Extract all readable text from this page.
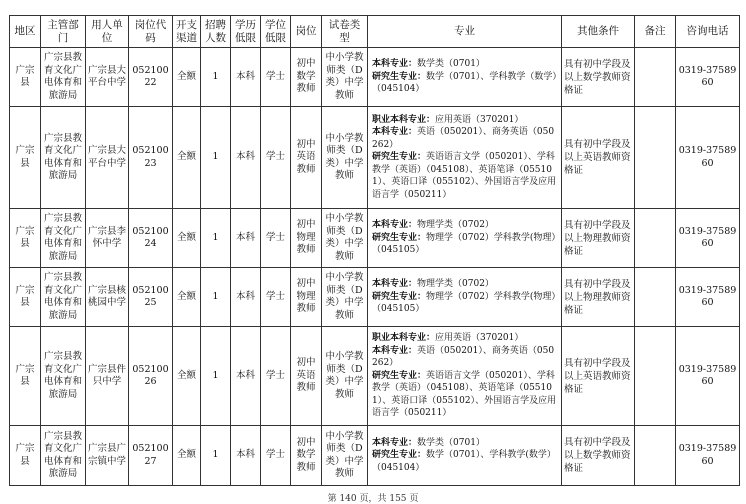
地区	主管部门	用人单位	岗位代码	开支渠道	招聘人数	学历低限	学位低限	岗位	试卷类型	专业	其他条件	备注	咨询电话
广宗县	广宗县教育文化广电体育和旅游局	广宗县大平台中学	05210022	全额	1	本科	学士	初中数学教师	中小学教师类（D类）中学教师	本科专业：数学类（0701）
研究生专业：数学（0701）、学科教学（数学）（045104）	具有初中学段及以上数学教师资格证		0319-3758960
广宗县	广宗县教育文化广电体育和旅游局	广宗县大平台中学	05210023	全额	1	本科	学士	初中英语教师	中小学教师类（D类）中学教师	职业本科专业：应用英语（370201）
本科专业：英语（050201）、商务英语（050262）
研究生专业：英语语言文学（050201）、学科教学（英语）（045108）、英语笔译（055101）、英语口译（055102）、外国语言学及应用语言学（050211）	具有初中学段及以上英语教师资格证		0319-3758960
广宗县	广宗县教育文化广电体育和旅游局	广宗县李怀中学	05210024	全额	1	本科	学士	初中物理教师	中小学教师类（D类）中学教师	本科专业：物理学类（0702）
研究生专业：物理学（0702）学科教学(物理）（045105）	具有初中学段及以上物理教师资格证		0319-3758960
广宗县	广宗县教育文化广电体育和旅游局	广宗县核桃园中学	05210025	全额	1	本科	学士	初中物理教师	中小学教师类（D类）中学教师	本科专业：物理学类（0702）
研究生专业：物理学（0702）学科教学(物理）（045105）	具有初中学段及以上物理教师资格证		0319-3758960
广宗县	广宗县教育文化广电体育和旅游局	广宗县件只中学	05210026	全额	1	本科	学士	初中英语教师	中小学教师类（D类）中学教师	职业本科专业：应用英语（370201）
本科专业：英语（050201）、商务英语（050262）
研究生专业：英语语言文学（050201）、学科教学（英语）（045108）、英语笔译（055101）、英语口译（055102）、外国语言学及应用语言学（050211）	具有初中学段及以上英语教师资格证		0319-3758960
广宗县	广宗县教育文化广电体育和旅游局	广宗县广宗镇中学	05210027	全额	1	本科	学士	初中数学教师	中小学教师类（D类）中学教师	本科专业：数学类（0701）
研究生专业：数学（0701）、学科教学(数学）（045104）	具有初中学段及以上数学教师资格证		0319-3758960
第 140 页，共 155 页
